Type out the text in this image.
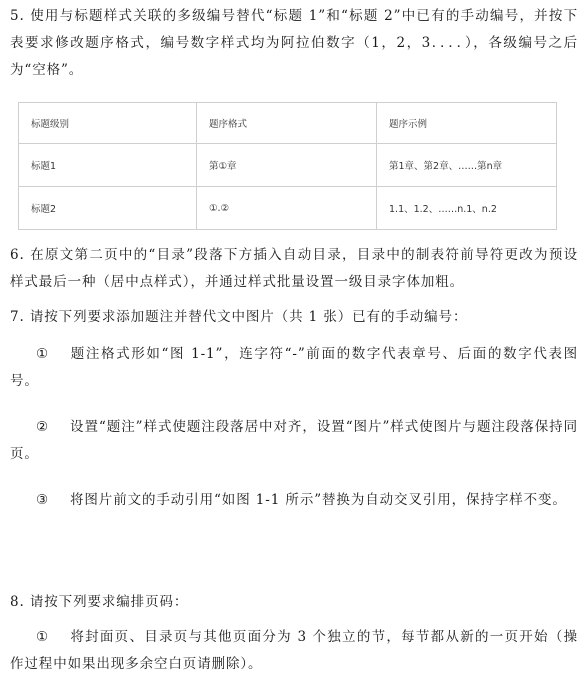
5. 使用与标题样式关联的多级编号替代“标题 1”和“标题 2”中已有的手动编号，并按下表要求修改题序格式，编号数字样式均为阿拉伯数字（1，2，3．．．．），各级编号之后为“空格”。
标题级别	题序格式	题序示例
标题1	第①章	第1章、第2章、……第n章
标题2	①.②	1.1、1.2、……n.1、n.2
6. 在原文第二页中的“目录”段落下方插入自动目录，目录中的制表符前导符更改为预设样式最后一种（居中点样式），并通过样式批量设置一级目录字体加粗。
7. 请按下列要求添加题注并替代文中图片（共 1 张）已有的手动编号：
① 题注格式形如“图 1-1”，连字符“-”前面的数字代表章号、后面的数字代表图号。
② 设置“题注”样式使题注段落居中对齐，设置“图片”样式使图片与题注段落保持同页。
③ 将图片前文的手动引用“如图 1-1 所示”替换为自动交叉引用，保持字样不变。
8. 请按下列要求编排页码：
① 将封面页、目录页与其他页面分为 3 个独立的节，每节都从新的一页开始（操作过程中如果出现多余空白页请删除）。
